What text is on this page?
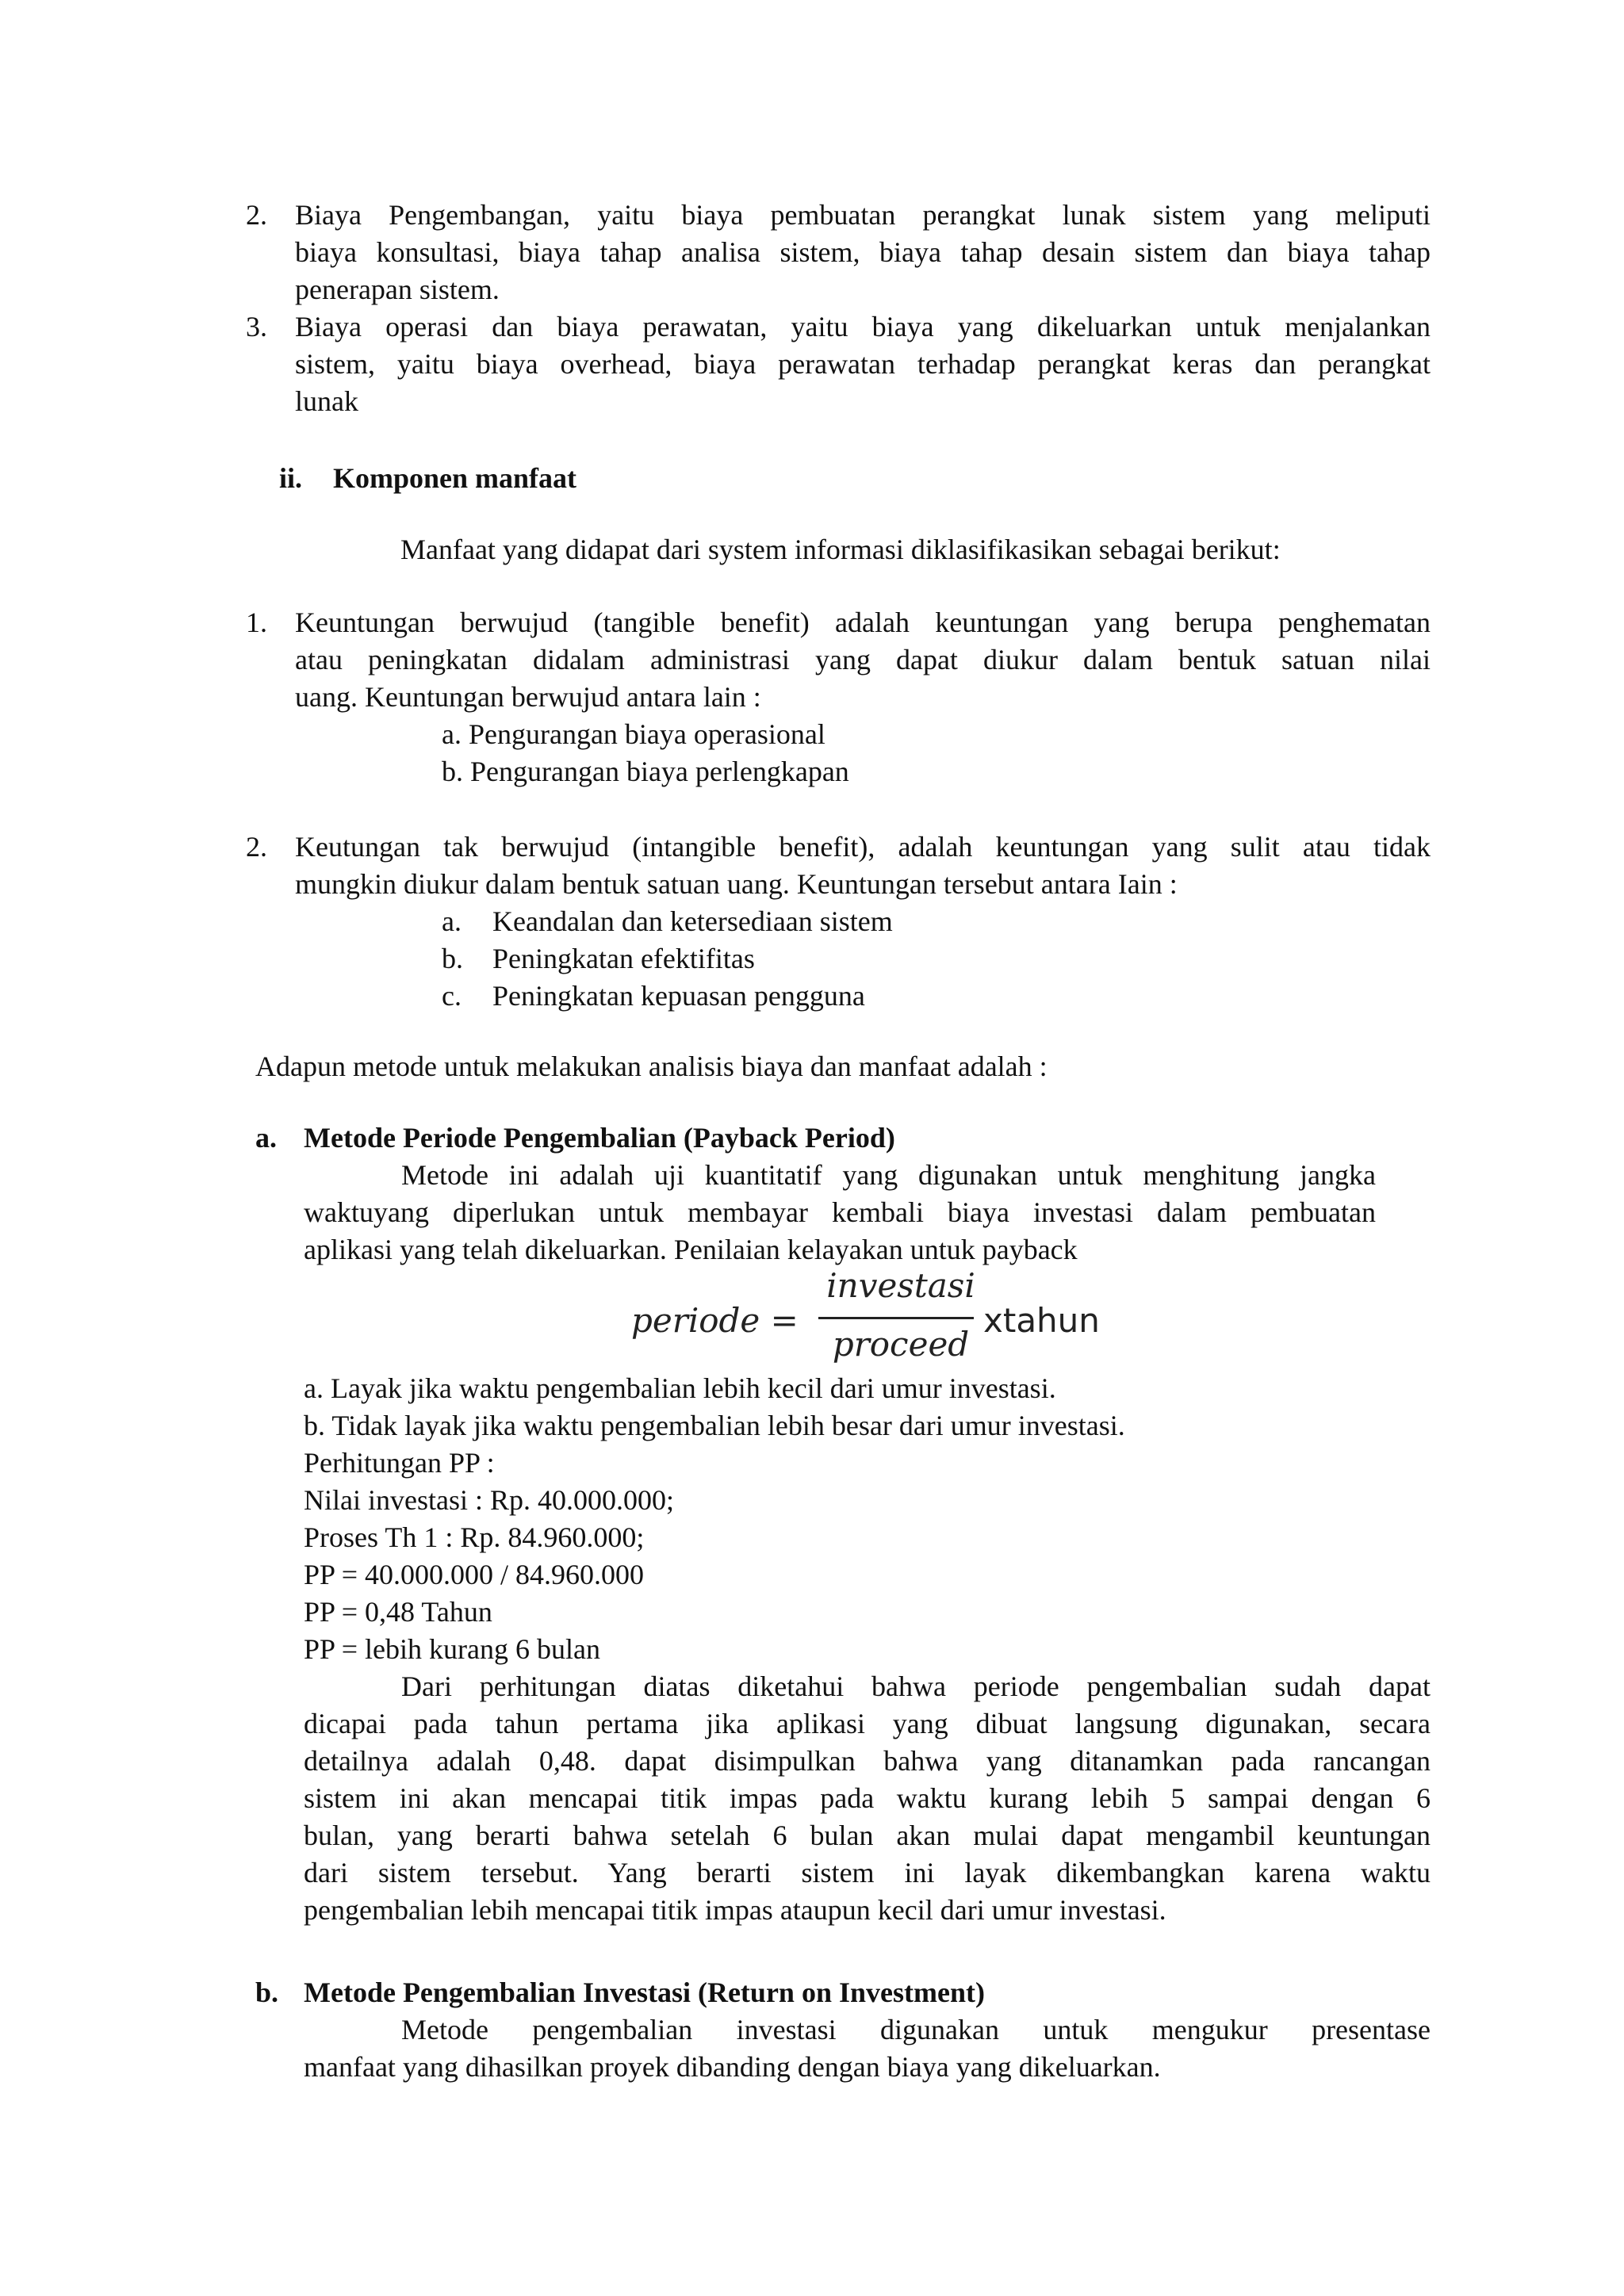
2. Biaya Pengembangan, yaitu biaya pembuatan perangkat lunak sistem yang meliputi
biaya konsultasi, biaya tahap analisa sistem, biaya tahap desain sistem dan biaya tahap
penerapan sistem.
3. Biaya operasi dan biaya perawatan, yaitu biaya yang dikeluarkan untuk menjalankan
sistem, yaitu biaya overhead, biaya perawatan terhadap perangkat keras dan perangkat
lunak
ii. Komponen manfaat
Manfaat yang didapat dari system informasi diklasifikasikan sebagai berikut:
1. Keuntungan berwujud (tangible benefit) adalah keuntungan yang berupa penghematan
atau peningkatan didalam administrasi yang dapat diukur dalam bentuk satuan nilai
uang. Keuntungan berwujud antara lain :
a. Pengurangan biaya operasional
b. Pengurangan biaya perlengkapan
2. Keutungan tak berwujud (intangible benefit), adalah keuntungan yang sulit atau tidak
mungkin diukur dalam bentuk satuan uang. Keuntungan tersebut antara Iain :
a. Keandalan dan ketersediaan sistem
b. Peningkatan efektifitas
c. Peningkatan kepuasan pengguna
Adapun metode untuk melakukan analisis biaya dan manfaat adalah :
a. Metode Periode Pengembalian (Payback Period)
Metode ini adalah uji kuantitatif yang digunakan untuk menghitung jangka
waktuyang diperlukan untuk membayar kembali biaya investasi dalam pembuatan
aplikasi yang telah dikeluarkan. Penilaian kelayakan untuk payback
periode =
investasi
proceed
xtahun
a. Layak jika waktu pengembalian lebih kecil dari umur investasi.
b. Tidak layak jika waktu pengembalian lebih besar dari umur investasi.
Perhitungan PP :
Nilai investasi : Rp. 40.000.000;
Proses Th 1 : Rp. 84.960.000;
PP = 40.000.000 / 84.960.000
PP = 0,48 Tahun
PP = lebih kurang 6 bulan
Dari perhitungan diatas diketahui bahwa periode pengembalian sudah dapat
dicapai pada tahun pertama jika aplikasi yang dibuat langsung digunakan, secara
detailnya adalah 0,48. dapat disimpulkan bahwa yang ditanamkan pada rancangan
sistem ini akan mencapai titik impas pada waktu kurang lebih 5 sampai dengan 6
bulan, yang berarti bahwa setelah 6 bulan akan mulai dapat mengambil keuntungan
dari sistem tersebut. Yang berarti sistem ini layak dikembangkan karena waktu
pengembalian lebih mencapai titik impas ataupun kecil dari umur investasi.
b. Metode Pengembalian Investasi (Return on Investment)
Metode pengembalian investasi digunakan untuk mengukur presentase
manfaat yang dihasilkan proyek dibanding dengan biaya yang dikeluarkan.
